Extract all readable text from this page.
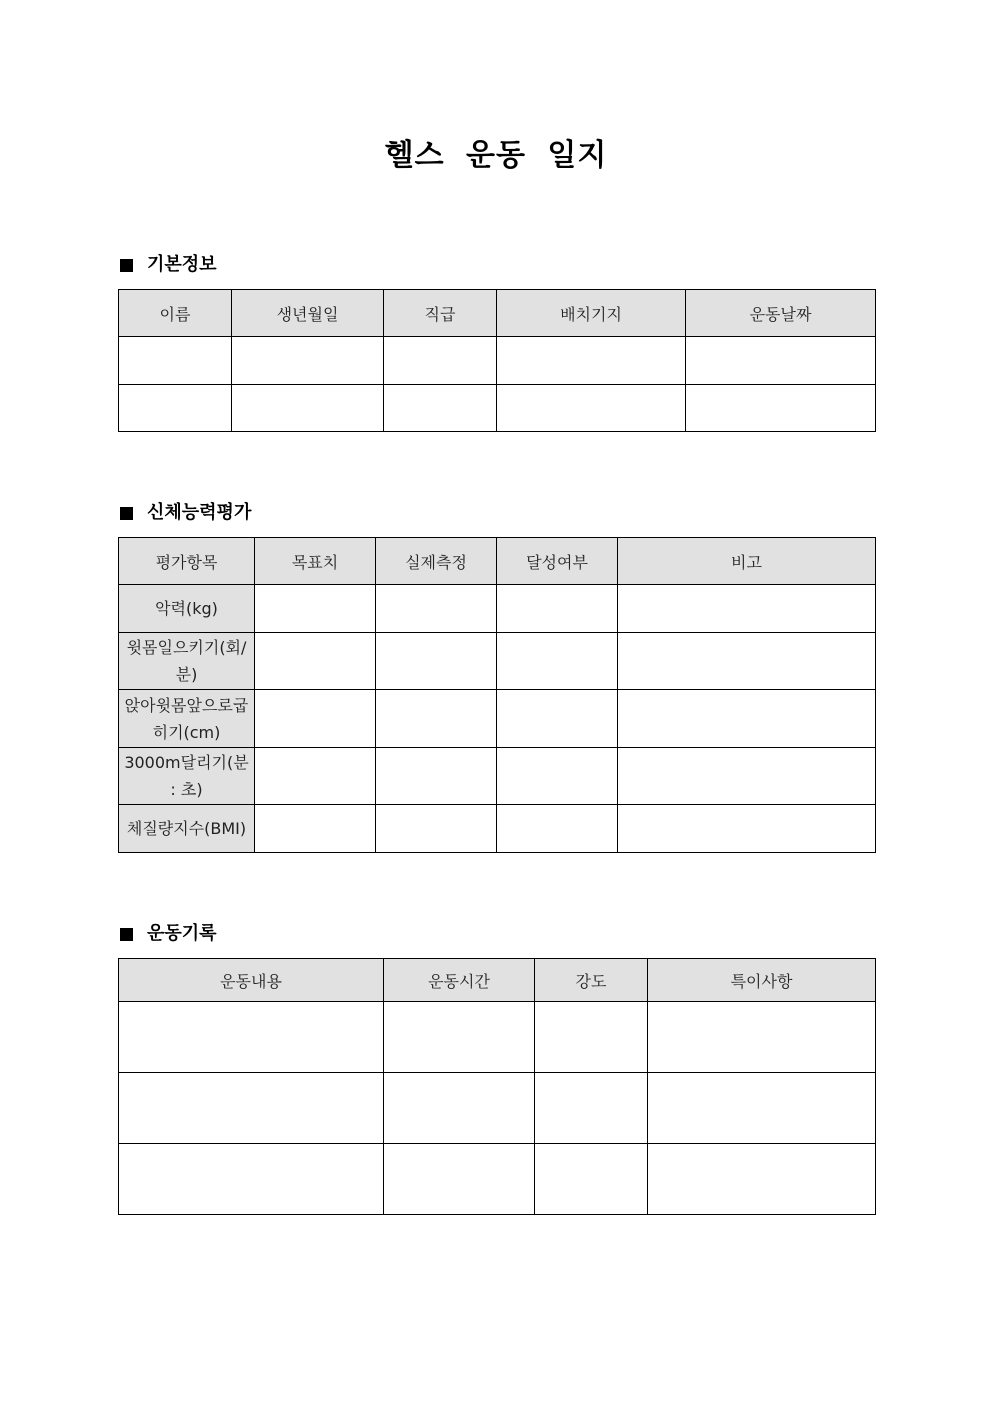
헬스 운동 일지
기본정보
이름	생년월일	직급	배치기지	운동날짜

신체능력평가
평가항목	목표치	실제측정	달성여부	비고
악력(kg)				
윗몸일으키기(회/분)				
앉아윗몸앞으로굽히기(cm)				
3000m달리기(분 : 초)				
체질량지수(BMI)				
운동기록
운동내용	운동시간	강도	특이사항
